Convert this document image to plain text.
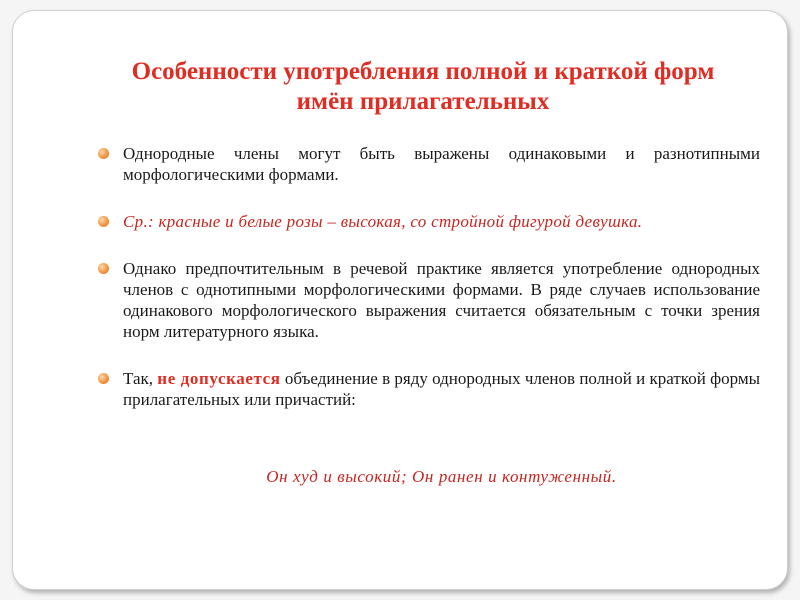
Особенности употребления полной и краткой форм
имён прилагательных
Однородные члены могут быть выражены одинаковыми и разнотипными морфологическими формами.
Ср.: красные и белые розы – высокая, со стройной фигурой девушка.
Однако предпочтительным в речевой практике является употребление однородных членов с однотипными морфологическими формами. В ряде случаев использование одинакового морфологического выражения считается обязательным с точки зрения норм литературного языка.
Так, не допускается объединение в ряду однородных членов полной и краткой формы прилагательных или причастий:

Он худ и высокий; Он ранен и контуженный.
